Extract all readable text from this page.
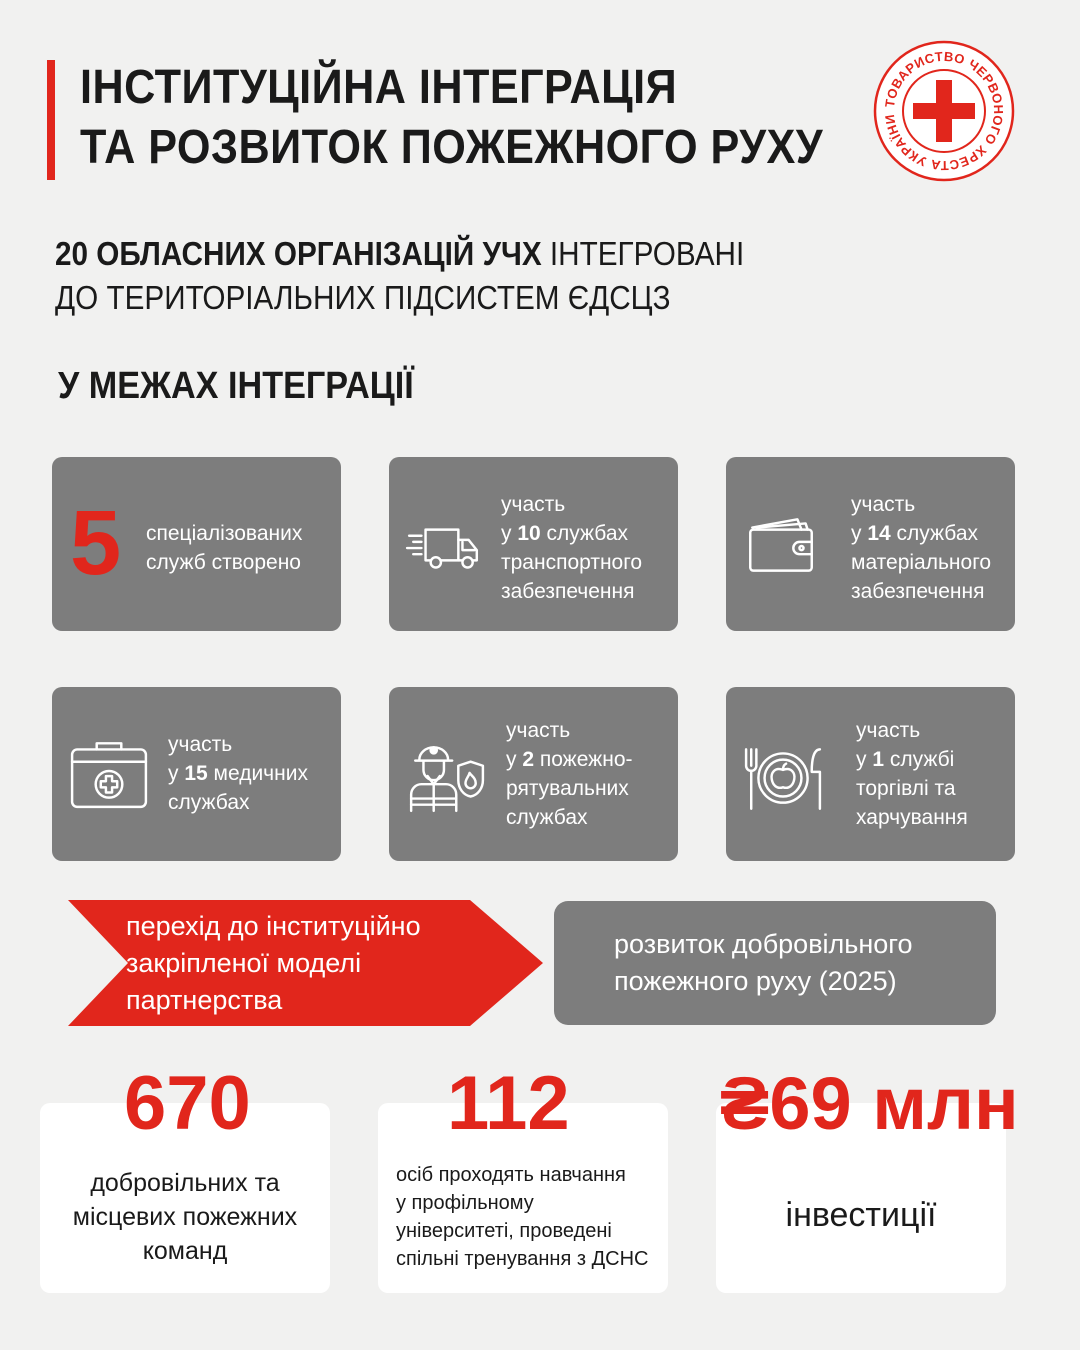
ІНСТИТУЦІЙНА ІНТЕГРАЦІЯ
ТА РОЗВИТОК ПОЖЕЖНОГО РУХУ
ТОВАРИСТВО ЧЕРВОНОГО ХРЕСТА УКРАЇНИ
20 ОБЛАСНИХ ОРГАНІЗАЦІЙ УЧХ ІНТЕГРОВАНІ
ДО ТЕРИТОРІАЛЬНИХ ПІДСИСТЕМ ЄДСЦЗ
У МЕЖАХ ІНТЕГРАЦІЇ
5 спеціалізованих
служб створено
участь
у 10 службах
транспортного
забезпечення
участь
у 14 службах
матеріального
забезпечення
участь
у 15 медичних
службах
участь
у 2 пожежно-
рятувальних
службах
участь
у 1 службі
торгівлі та
харчування
перехід до інституційно
закріпленої моделі
партнерства
розвиток добровільного
пожежного руху (2025)
670
добровільних та
місцевих пожежних
команд
112
осіб проходять навчання
у профільному
університеті, проведені
спільні тренування з ДСНС
₴69 млн
інвестиції
